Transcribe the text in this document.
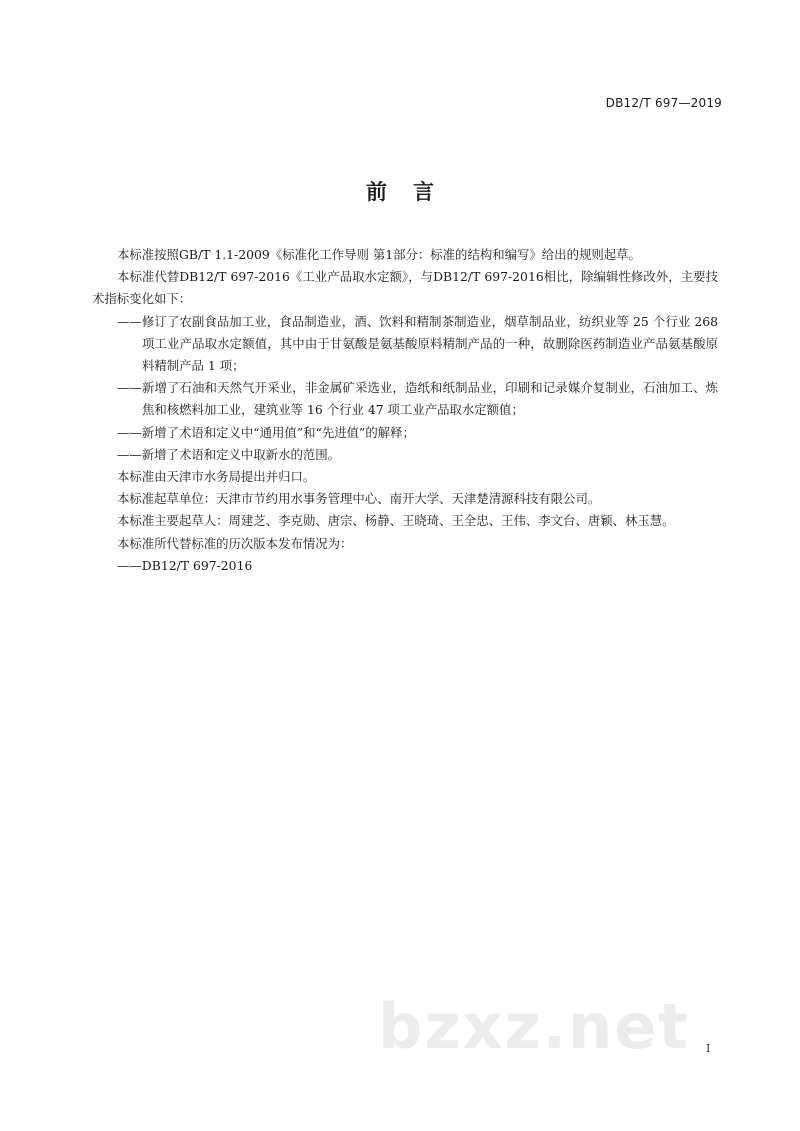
DB12/T 697—2019
前言

本标准按照GB/T 1.1-2009《标准化工作导则 第1部分：标准的结构和编写》给出的规则起草。

本标准代替DB12/T 697-2016《工业产品取水定额》，与DB12/T 697-2016相比，除编辑性修改外，主要技术指标变化如下：

——修订了农副食品加工业，食品制造业，酒、饮料和精制茶制造业，烟草制品业，纺织业等 25 个行业 268 项工业产品取水定额值，其中由于甘氨酸是氨基酸原料精制产品的一种，故删除医药制造业产品氨基酸原料精制产品 1 项；

——新增了石油和天然气开采业，非金属矿采选业，造纸和纸制品业，印刷和记录媒介复制业，石油加工、炼焦和核燃料加工业，建筑业等 16 个行业 47 项工业产品取水定额值；

——新增了术语和定义中“通用值”和“先进值”的解释；

——新增了术语和定义中取新水的范围。

本标准由天津市水务局提出并归口。

本标准起草单位：天津市节约用水事务管理中心、南开大学、天津楚清源科技有限公司。

本标准主要起草人：周建芝、李克勋、唐宗、杨静、王晓琦、王全忠、王伟、李文台、唐颖、林玉慧。

本标准所代替标准的历次版本发布情况为：

——DB12/T 697-2016

bzxz.net I
